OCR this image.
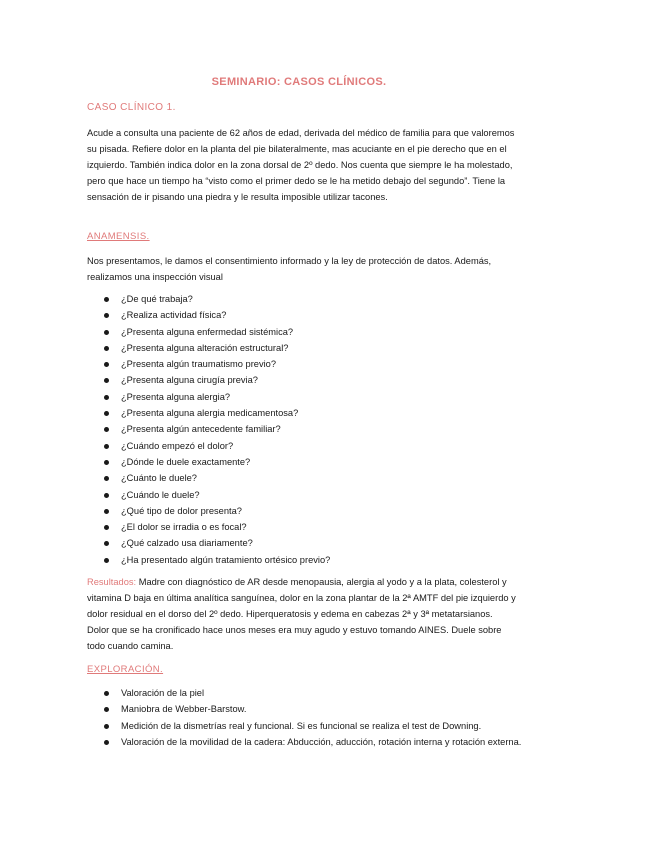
SEMINARIO: CASOS CLÍNICOS.
CASO CLÍNICO 1.

Acude a consulta una paciente de 62 años de edad, derivada del médico de familia para que valoremos su pisada. Refiere dolor en la planta del pie bilateralmente, mas acuciante en el pie derecho que en el izquierdo. También indica dolor en la zona dorsal de 2º dedo. Nos cuenta que siempre le ha molestado, pero que hace un tiempo ha “visto como el primer dedo se le ha metido debajo del segundo”. Tiene la sensación de ir pisando una piedra y le resulta imposible utilizar tacones.

ANAMENSIS.

Nos presentamos, le damos el consentimiento informado y la ley de protección de datos. Además, realizamos una inspección visual

¿De qué trabaja?
¿Realiza actividad física?
¿Presenta alguna enfermedad sistémica?
¿Presenta alguna alteración estructural?
¿Presenta algún traumatismo previo?
¿Presenta alguna cirugía previa?
¿Presenta alguna alergia?
¿Presenta alguna alergia medicamentosa?
¿Presenta algún antecedente familiar?
¿Cuándo empezó el dolor?
¿Dónde le duele exactamente?
¿Cuánto le duele?
¿Cuándo le duele?
¿Qué tipo de dolor presenta?
¿El dolor se irradia o es focal?
¿Qué calzado usa diariamente?
¿Ha presentado algún tratamiento ortésico previo?

Resultados: Madre con diagnóstico de AR desde menopausia, alergia al yodo y a la plata, colesterol y vitamina D baja en última analítica sanguínea, dolor en la zona plantar de la 2ª AMTF del pie izquierdo y dolor residual en el dorso del 2º dedo. Hiperqueratosis y edema en cabezas 2ª y 3ª metatarsianos. Dolor que se ha cronificado hace unos meses era muy agudo y estuvo tomando AINES. Duele sobre todo cuando camina.

EXPLORACIÓN.
Valoración de la piel
Maniobra de Webber-Barstow.
Medición de la dismetrías real y funcional. Si es funcional se realiza el test de Downing.
Valoración de la movilidad de la cadera: Abducción, aducción, rotación interna y rotación externa.
